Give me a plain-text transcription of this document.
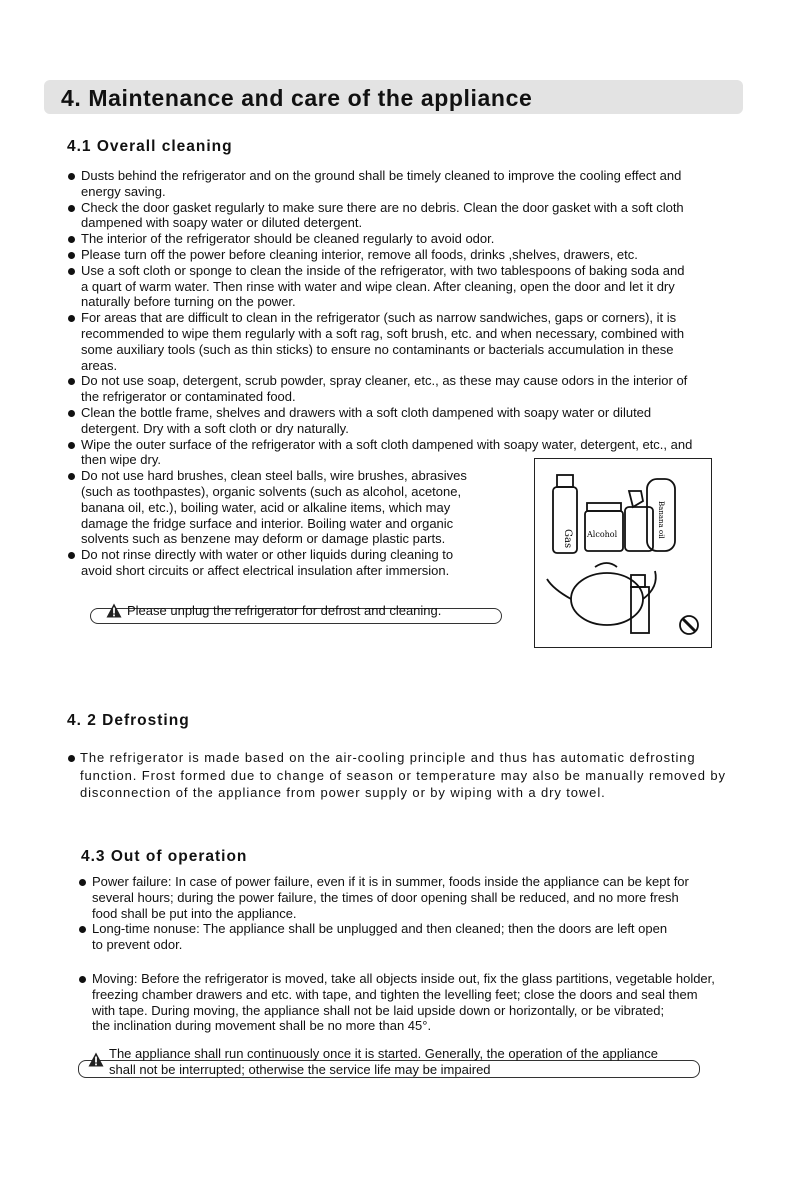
4. Maintenance and care of the appliance
4.1 Overall cleaning
Dusts behind the refrigerator and on the ground shall be timely cleaned to improve the cooling effect and
energy saving.
Check the door gasket regularly to make sure there are no debris. Clean the door gasket with a soft cloth
dampened with soapy water or diluted detergent.
The interior of the refrigerator should be cleaned regularly to avoid odor.
Please turn off the power before cleaning interior, remove all foods, drinks ,shelves, drawers, etc.
Use a soft cloth or sponge to clean the inside of the refrigerator, with two tablespoons of baking soda and
a quart of warm water. Then rinse with water and wipe clean. After cleaning, open the door and let it dry
naturally before turning on the power.
For areas that are difficult to clean in the refrigerator (such as narrow sandwiches, gaps or corners), it is
recommended to wipe them regularly with a soft rag, soft brush, etc. and when necessary, combined with
some auxiliary tools (such as thin sticks) to ensure no contaminants or bacterials accumulation in these
areas.
Do not use soap, detergent, scrub powder, spray cleaner, etc., as these may cause odors in the interior of
the refrigerator or contaminated food.
Clean the bottle frame, shelves and drawers with a soft cloth dampened with soapy water or diluted
detergent. Dry with a soft cloth or dry naturally.
Wipe the outer surface of the refrigerator with a soft cloth dampened with soapy water, detergent, etc., and
then wipe dry.
Do not use hard brushes, clean steel balls, wire brushes, abrasives
(such as toothpastes), organic solvents (such as alcohol, acetone,
banana oil, etc.), boiling water, acid or alkaline items, which may
damage the fridge surface and interior. Boiling water and organic
solvents such as benzene may deform or damage plastic parts.
Do not rinse directly with water or other liquids during cleaning to
avoid short circuits or affect electrical insulation after immersion.
Please unplug the refrigerator for defrost and cleaning.
Gas Alcohol	Banana oil
4. 2 Defrosting
The refrigerator is made based on the air-cooling principle and thus has automatic defrosting
function. Frost formed due to change of season or temperature may also be manually removed by
disconnection of the appliance from power supply or by wiping with a dry towel.
4.3 Out of operation
Power failure: In case of power failure, even if it is in summer, foods inside the appliance can be kept for
several hours; during the power failure, the times of door opening shall be reduced, and no more fresh
food shall be put into the appliance.
Long-time nonuse: The appliance shall be unplugged and then cleaned; then the doors are left open
to prevent odor.
Moving: Before the refrigerator is moved, take all objects inside out, fix the glass partitions, vegetable holder,
freezing chamber drawers and etc. with tape, and tighten the levelling feet; close the doors and seal them
with tape. During moving, the appliance shall not be laid upside down or horizontally, or be vibrated;
the inclination during movement shall be no more than 45°.
The appliance shall run continuously once it is started. Generally, the operation of the appliance
shall not be interrupted; otherwise the service life may be impaired
